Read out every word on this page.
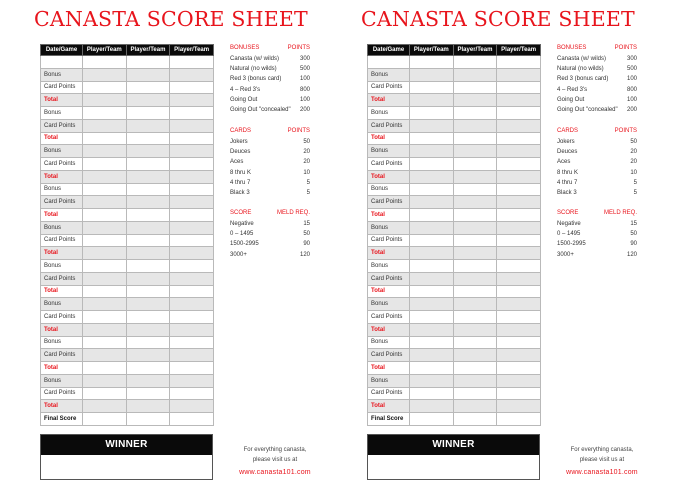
CANASTA SCORE SHEET
Date/Game	Player/Team	Player/Team	Player/Team

Bonus			
Card Points			
Total			
Bonus			
Card Points			
Total			
Bonus			
Card Points			
Total			
Bonus			
Card Points			
Total			
Bonus			
Card Points			
Total			
Bonus			
Card Points			
Total			
Bonus			
Card Points			
Total			
Bonus			
Card Points			
Total			
Bonus			
Card Points			
Total			
Final Score			
BONUSES	POINTS
Canasta (w/ wilds)	300
Natural (no wilds)	500
Red 3 (bonus card)	100
4 – Red 3's	800
Going Out	100
Going Out "concealed" 200
CARDS	POINTS
Jokers	50
Deuces	20
Aces	20
8 thru K	10
4 thru 7	5
Black 3	5
SCORE	MELD REQ.
Negative	15
0 – 1495	50
1500-2995	90
3000+	120
WINNER	For everything canasta,
please visit us at
www.canasta101.com
CANASTA SCORE SHEET
Date/Game	Player/Team	Player/Team	Player/Team

Bonus			
Card Points			
Total			
Bonus			
Card Points			
Total			
Bonus			
Card Points			
Total			
Bonus			
Card Points			
Total			
Bonus			
Card Points			
Total			
Bonus			
Card Points			
Total			
Bonus			
Card Points			
Total			
Bonus			
Card Points			
Total			
Bonus			
Card Points			
Total			
Final Score			
BONUSES	POINTS
Canasta (w/ wilds)	300
Natural (no wilds)	500
Red 3 (bonus card)	100
4 – Red 3's	800
Going Out	100
Going Out "concealed" 200
CARDS	POINTS
Jokers	50
Deuces	20
Aces	20
8 thru K	10
4 thru 7	5
Black 3	5
SCORE	MELD REQ.
Negative	15
0 – 1495	50
1500-2995	90
3000+	120
WINNER	For everything canasta,
please visit us at
www.canasta101.com
